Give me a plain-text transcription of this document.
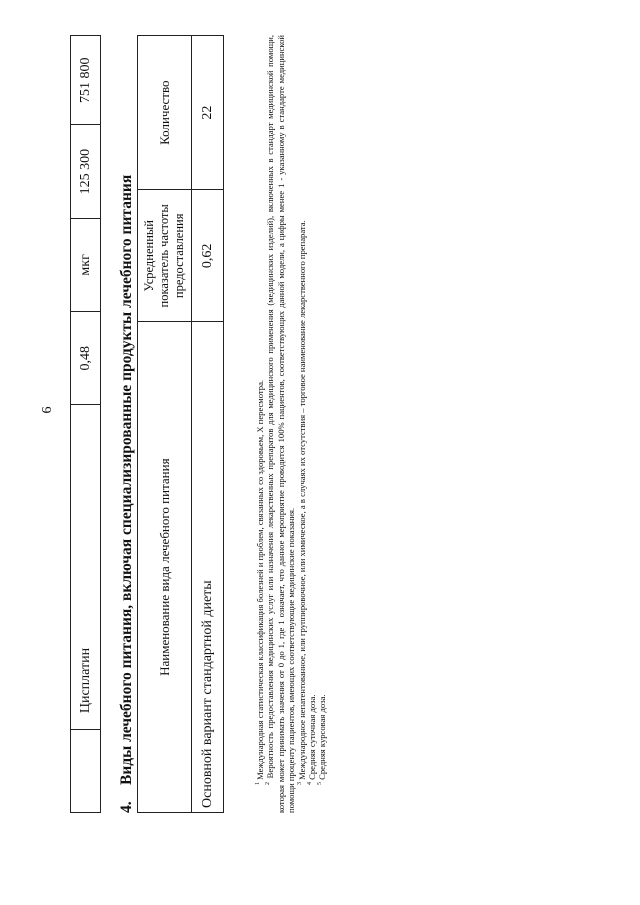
6
	Цисплатин	0,48	мкг	125 300	751 800
4.Виды лечебного питания, включая специализированные продукты лечебного питания Наименование вида лечебного питания	Усредненный показатель частоты предоставления	Количество
Основной вариант стандартной диеты	0,62	22

$^1$ Международная статистическая классификация болезней и проблем, связанных со здоровьем, X пересмотра.

$^2$ Вероятность предоставления медицинских услуг или назначения лекарственных препаратов для медицинского применения (медицинских изделий), включенных в стандарт медицинской помощи, которая может принимать значения от 0 до 1, где 1 означает, что данное мероприятие проводится 100% пациентов, соответствующих данной модели, а цифры менее 1 - указанному в стандарте медицинской помощи проценту пациентов, имеющих соответствующие медицинские показания. $^3$ Международное непатентованное, или группировочное, или химическое, а в случаях их отсутствия – торговое наименование лекарственного препарата.

$^4$ Средняя суточная доза.

$^5$ Средняя курсовая доза.
